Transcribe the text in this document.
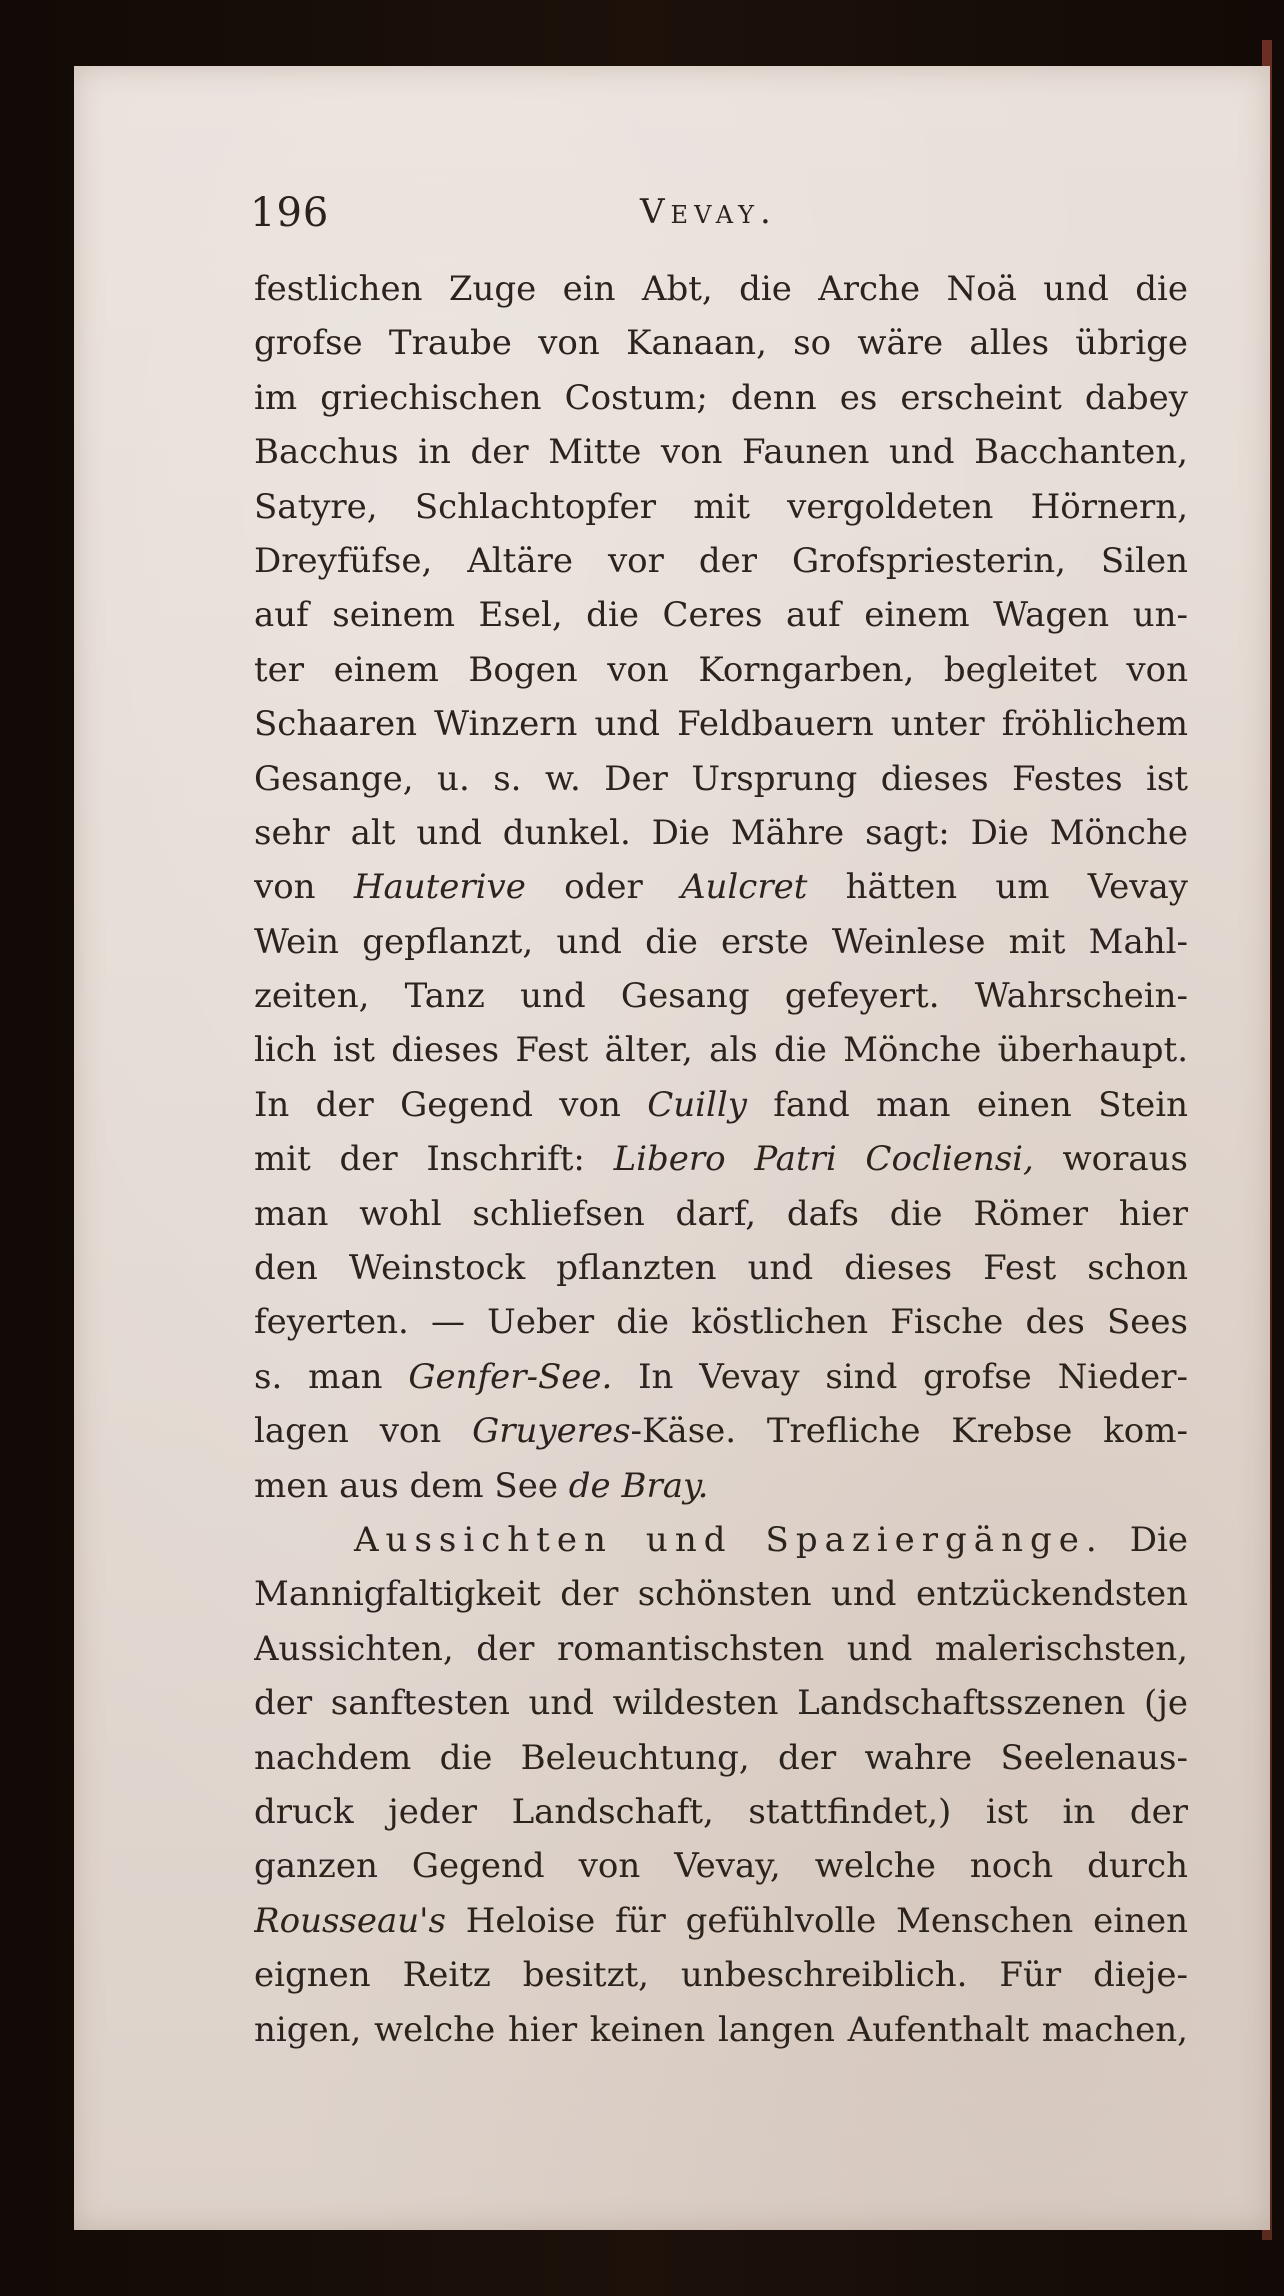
196	Vevay.
festlichen Zuge ein Abt, die Arche Noä und die
grofse Traube von Kanaan, so wäre alles übrige
im griechischen Costum; denn es erscheint dabey
Bacchus in der Mitte von Faunen und Bacchanten,
Satyre, Schlachtopfer mit vergoldeten Hörnern,
Dreyfüfse, Altäre vor der Grofspriesterin, Silen
auf seinem Esel, die Ceres auf einem Wagen un-
ter einem Bogen von Korngarben, begleitet von
Schaaren Winzern und Feldbauern unter fröhlichem
Gesange, u. s. w. Der Ursprung dieses Festes ist
sehr alt und dunkel. Die Mähre sagt: Die Mönche
von Hauterive oder Aulcret hätten um Vevay
Wein gepflanzt, und die erste Weinlese mit Mahl-
zeiten, Tanz und Gesang gefeyert. Wahrschein-
lich ist dieses Fest älter, als die Mönche überhaupt.
In der Gegend von Cuilly fand man einen Stein
mit der Inschrift: Libero Patri Cocliensi, woraus
man wohl schliefsen darf, dafs die Römer hier
den Weinstock pflanzten und dieses Fest schon
feyerten. — Ueber die köstlichen Fische des Sees
s. man Genfer-See. In Vevay sind grofse Nieder-
lagen von Gruyeres-Käse. Trefliche Krebse kom-
men aus dem See de Bray.
Aussichten und Spaziergänge. Die
Mannigfaltigkeit der schönsten und entzückendsten
Aussichten, der romantischsten und malerischsten,
der sanftesten und wildesten Landschaftsszenen (je
nachdem die Beleuchtung, der wahre Seelenaus-
druck jeder Landschaft, stattfindet,) ist in der
ganzen Gegend von Vevay, welche noch durch
Rousseau's Heloise für gefühlvolle Menschen einen
eignen Reitz besitzt, unbeschreiblich. Für dieje-
nigen, welche hier keinen langen Aufenthalt machen,
